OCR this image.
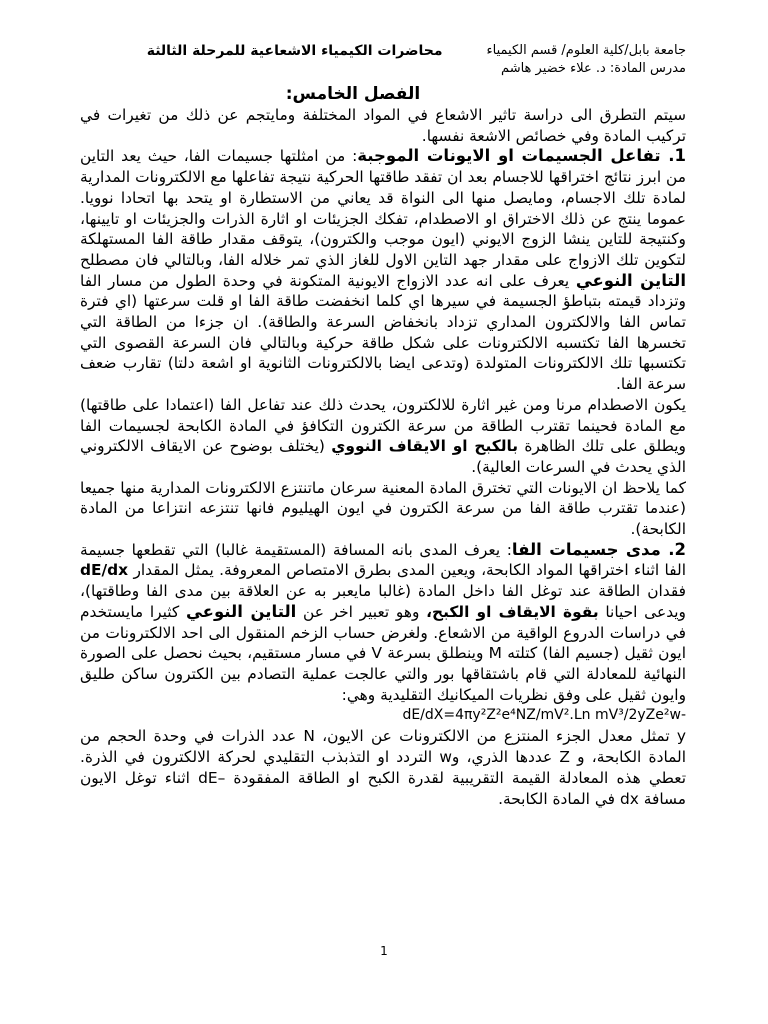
جامعة بابل/كلية العلوم/ قسم الكيمياء
مدرس المادة: د. علاء خضير هاشم
محاضرات الكيمياء الاشعاعية للمرحلة الثالثة
الفصل الخامس:

سيتم التطرق الى دراسة تاثير الاشعاع في المواد المختلفة ومايتجم عن ذلك من تغيرات في تركيب المادة وفي خصائص الاشعة نفسها.

1. تفاعل الجسيمات او الايونات الموجبة: من امثلتها جسيمات الفا، حيث يعد التاين من ابرز نتائج اختراقها للاجسام بعد ان تفقد طاقتها الحركية نتيجة تفاعلها مع الالكترونات المدارية لمادة تلك الاجسام، ومايصل منها الى النواة قد يعاني من الاستطارة او يتحد بها اتحادا نوويا. عموما ينتج عن ذلك الاختراق او الاصطدام، تفكك الجزيئات او اثارة الذرات والجزيئات او تايينها، وكنتيجة للتاين ينشا الزوج الايوني (ايون موجب والكترون)، يتوقف مقدار طاقة الفا المستهلكة لتكوين تلك الازواج على مقدار جهد التاين الاول للغاز الذي تمر خلاله الفا، وبالتالي فان مصطلح التاين النوعي يعرف على انه عدد الازواج الايونية المتكونة في وحدة الطول من مسار الفا وتزداد قيمته بتباطؤ الجسيمة في سيرها اي كلما انخفضت طاقة الفا او قلت سرعتها (اي فترة تماس الفا والالكترون المداري تزداد بانخفاض السرعة والطاقة). ان جزءا من الطاقة التي تخسرها الفا تكتسبه الالكترونات على شكل طاقة حركية وبالتالي فان السرعة القصوى التي تكتسبها تلك الالكترونات المتولدة (وتدعى ايضا بالالكترونات الثانوية او اشعة دلتا) تقارب ضعف سرعة الفا.

يكون الاصطدام مرنا ومن غير اثارة للالكترون، يحدث ذلك عند تفاعل الفا (اعتمادا على طاقتها) مع المادة فحينما تقترب الطاقة من سرعة الكترون التكافؤ في المادة الكابحة لجسيمات الفا ويطلق على تلك الظاهرة بالكبح او الايقاف النووي (يختلف بوضوح عن الايقاف الالكتروني الذي يحدث في السرعات العالية).

كما يلاحظ ان الايونات التي تخترق المادة المعنية سرعان ماتنتزع الالكترونات المدارية منها جميعا (عندما تقترب طاقة الفا من سرعة الكترون في ايون الهيليوم فانها تنتزعه انتزاعا من المادة الكابحة).

2. مدى جسيمات الفا: يعرف المدى بانه المسافة (المستقيمة غالبا) التي تقطعها جسيمة الفا اثناء اختراقها المواد الكابحة، ويعين المدى بطرق الامتصاص المعروفة. يمثل المقدار dE/dx فقدان الطاقة عند توغل الفا داخل المادة (غالبا مايعبر به عن العلاقة بين مدى الفا وطاقتها)، ويدعى احيانا بقوة الايقاف او الكبح، وهو تعبير اخر عن التاين النوعي كثيرا مايستخدم في دراسات الدروع الواقية من الاشعاع. ولغرض حساب الزخم المنقول الى احد الالكترونات من ايون ثقيل (جسيم الفا) كتلته M وينطلق بسرعة V في مسار مستقيم، بحيث نحصل على الصورة النهائية للمعادلة التي قام باشتقاقها بور والتي عالجت عملية التصادم بين الكترون ساكن طليق وايون ثقيل على وفق نظريات الميكانيك التقليدية وهي:

dE/dX=4πy²Z²e⁴NZ/mV².Ln mV³/2yZe²w-

y تمثل معدل الجزء المنتزع من الالكترونات عن الايون، N عدد الذرات في وحدة الحجم من المادة الكابحة، و Z عددها الذري، وw التردد او التذبذب التقليدي لحركة الالكترون في الذرة. تعطي هذه المعادلة القيمة التقريبية لقدرة الكبح او الطاقة المفقودة –dE اثناء توغل الايون مسافة dx في المادة الكابحة.

1
